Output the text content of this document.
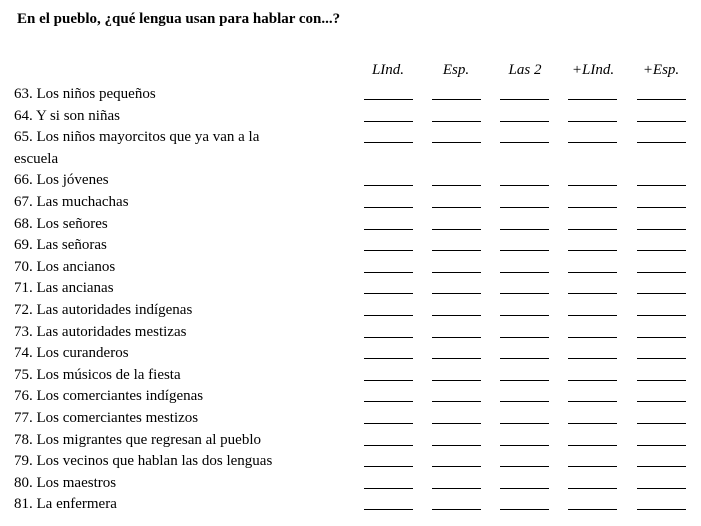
En el pueblo, ¿qué lengua usan para hablar con...?
LInd.	Esp.	Las 2	+LInd.	+Esp.
63. Los niños pequeños
64. Y si son niñas
65. Los niños mayorcitos que ya van a la
escuela
66. Los jóvenes
67. Las muchachas
68. Los señores
69. Las señoras
70. Los ancianos
71. Las ancianas
72. Las autoridades indígenas
73. Las autoridades mestizas
74. Los curanderos
75. Los músicos de la fiesta
76. Los comerciantes indígenas
77. Los comerciantes mestizos
78. Los migrantes que regresan al pueblo
79. Los vecinos que hablan las dos lenguas
80. Los maestros
81. La enfermera
